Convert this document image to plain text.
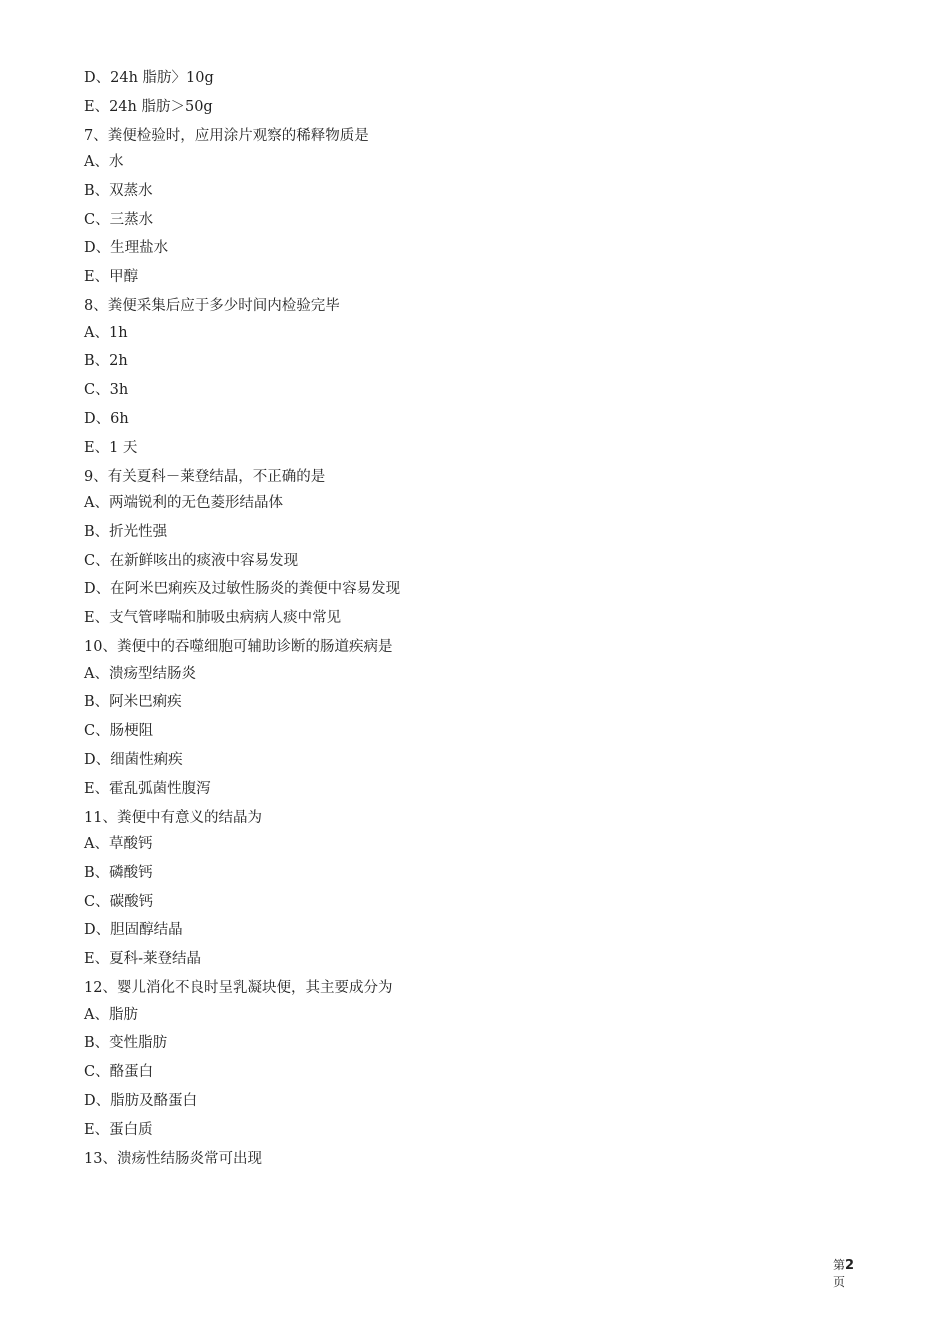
D、24h 脂肪〉10g
E、24h 脂肪＞50g
7、粪便检验时，应用涂片观察的稀释物质是
A、水
B、双蒸水
C、三蒸水
D、生理盐水
E、甲醇
8、粪便采集后应于多少时间内检验完毕
A、1h
B、2h
C、3h
D、6h
E、1 天
9、有关夏科－莱登结晶，不正确的是
A、两端锐利的无色菱形结晶体
B、折光性强
C、在新鲜咳出的痰液中容易发现
D、在阿米巴痢疾及过敏性肠炎的粪便中容易发现
E、支气管哮喘和肺吸虫病病人痰中常见
10、粪便中的吞噬细胞可辅助诊断的肠道疾病是
A、溃疡型结肠炎
B、阿米巴痢疾
C、肠梗阻
D、细菌性痢疾
E、霍乱弧菌性腹泻
11、粪便中有意义的结晶为
A、草酸钙
B、磷酸钙
C、碳酸钙
D、胆固醇结晶
E、夏科-莱登结晶
12、婴儿消化不良时呈乳凝块便，其主要成分为
A、脂肪
B、变性脂肪
C、酪蛋白
D、脂肪及酪蛋白
E、蛋白质
13、溃疡性结肠炎常可出现
第2
页
